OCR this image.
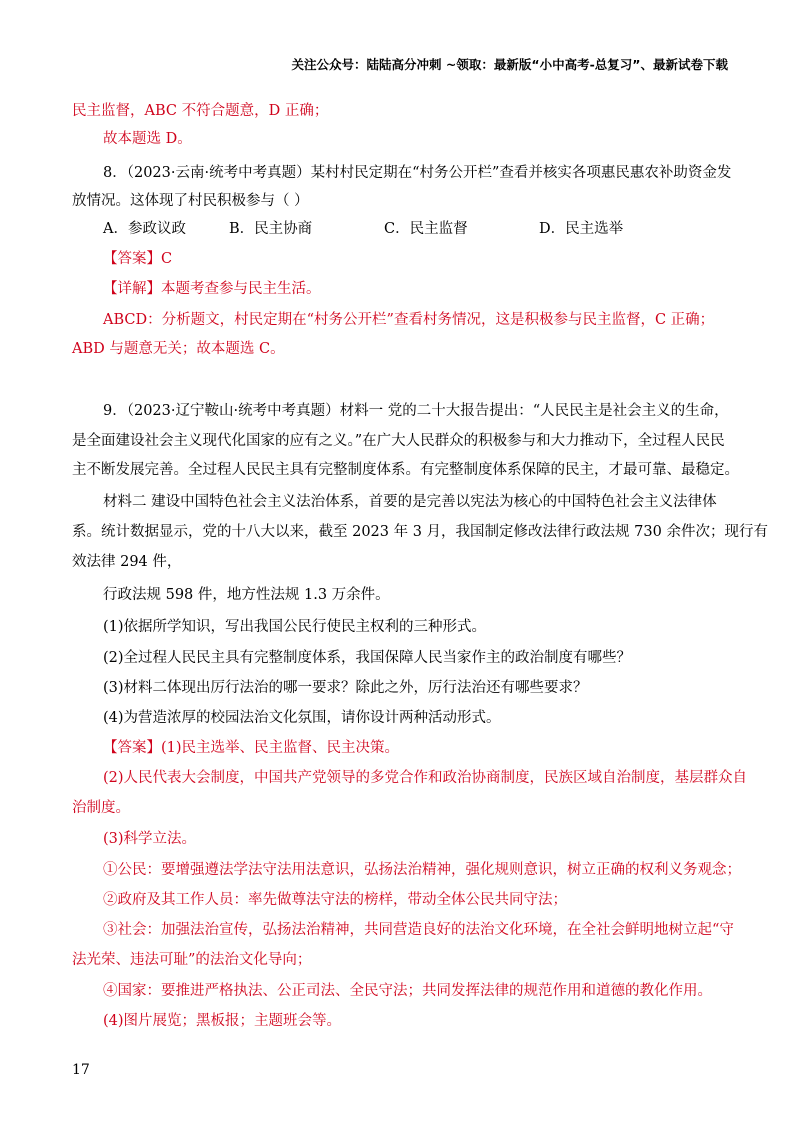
关注公众号：陆陆高分冲刺 ~领取：最新版“小中高考-总复习”、最新试卷下载
民主监督，ABC 不符合题意，D 正确；
故本题选 D。
8．（2023·云南·统考中考真题）某村村民定期在“村务公开栏”查看并核实各项惠民惠农补助资金发
放情况。这体现了村民积极参与（ ）
A．参政议政	B．民主协商	C．民主监督	D．民主选举
【答案】C
【详解】本题考查参与民主生活。
ABCD：分析题文，村民定期在“村务公开栏”查看村务情况，这是积极参与民主监督，C 正确；
ABD 与题意无关；故本题选 C。
9．（2023·辽宁鞍山·统考中考真题）材料一 党的二十大报告提出：“人民民主是社会主义的生命，
是全面建设社会主义现代化国家的应有之义。”在广大人民群众的积极参与和大力推动下，全过程人民民
主不断发展完善。全过程人民民主具有完整制度体系。有完整制度体系保障的民主，才最可靠、最稳定。
材料二 建设中国特色社会主义法治体系，首要的是完善以宪法为核心的中国特色社会主义法律体
系。统计数据显示，党的十八大以来，截至 2023 年 3 月，我国制定修改法律行政法规 730 余件次；现行有
效法律 294 件，
行政法规 598 件，地方性法规 1.3 万余件。
(1)依据所学知识，写出我国公民行使民主权利的三种形式。
(2)全过程人民民主具有完整制度体系，我国保障人民当家作主的政治制度有哪些？
(3)材料二体现出厉行法治的哪一要求？除此之外，厉行法治还有哪些要求？
(4)为营造浓厚的校园法治文化氛围，请你设计两种活动形式。
【答案】(1)民主选举、民主监督、民主决策。
(2)人民代表大会制度，中国共产党领导的多党合作和政治协商制度，民族区域自治制度，基层群众自
治制度。
(3)科学立法。
①公民：要增强遵法学法守法用法意识，弘扬法治精神，强化规则意识，树立正确的权利义务观念；
②政府及其工作人员：率先做尊法守法的榜样，带动全体公民共同守法；
③社会：加强法治宣传，弘扬法治精神，共同营造良好的法治文化环境，在全社会鲜明地树立起“守
法光荣、违法可耻”的法治文化导向；
④国家：要推进严格执法、公正司法、全民守法；共同发挥法律的规范作用和道德的教化作用。
(4)图片展览；黑板报；主题班会等。
17
